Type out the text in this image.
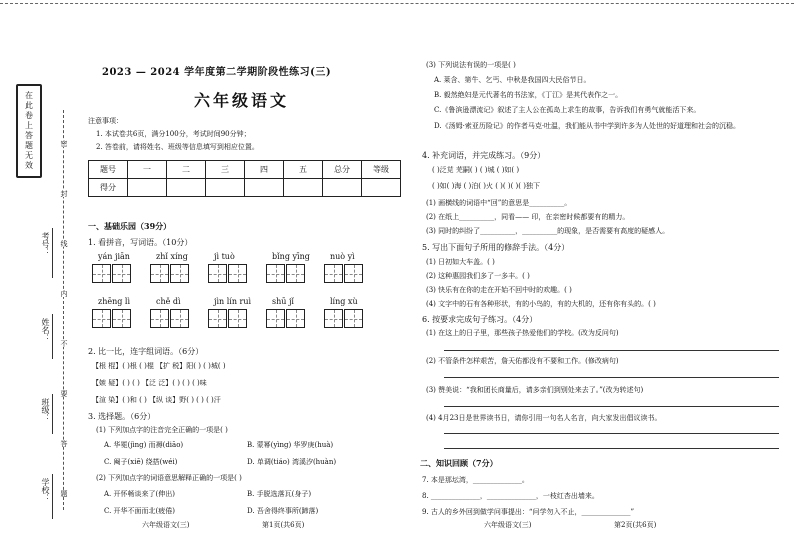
在此卷上答题无效
考号：
姓名：
班级：
学校：
密
封
线
内
不
要
答
题
2023 — 2024 学年度第二学期阶段性练习(三)
六年级语文
注意事项：
1. 本试卷共6页，满分100分，考试时间90分钟；
2. 答卷前，请将姓名、班级等信息填写到相应位置。
题号	一	二	三	四	五	总分	等级
得分							
一、基础乐园（39分）
1. 看拼音，写词语。（10分）
yán jiān	zhǐ xíng	jì tuò	bǐng yīng	nuò yì
zhēng lì	chě dì	jìn lín ruì	shū jǐ	líng xù
2. 比一比，连字组词语。（6分）
【根 棍】( )根 ( )棍 【扩 税】阳( ) ( )城( )
【嫉 疑】( ) ( ) 【泛 泛】( ) ( ) ( )味
【渲 染】( )和 ( ) 【纵 谈】野( ) ( ) ( )汗
3. 选择题。（6分）
(1) 下列加点字的注音完全正确的一项是( )
A. 华冕(jìng) 而褥(diāo)	B. 蒙幂(yìng) 华罗庚(huà)
C. 阉子(xiē) 绕搭(wéi)	D. 单调(tiáo) 湾溪汐(huàn)
(2) 下列加点字的词语意思解释正确的一项是( )
A. 开怀畅谈来了(伸出)	B. 手脱选落瓦(身子)
C. 开华不面而北(疲倦)	D. 吾舍得终事所(蹄落)
六年级语文(三)	第1页(共6页)
(3) 下列说法有误的一项是( )
A. 莱含、第牛、乞丐、中秋是我国四大民俗节日。
B. 毅然绝妇是元代著名的书法家，《丁江》是其代表作之一。
C.《鲁滨逊漂流记》叙述了主人公在孤岛上求生的故事，告诉我们有勇气就能活下来。
D.《汤姆·索亚历险记》的作者马克·吐温，我们能从书中学到许多为人处世的好道理和社会的沉稳。
4. 补充词语，并完成练习。（9分）
( )泛苋 芜嗣( ) ( )城 ( )如( )
( )如( )海 ( )泊( )火 ( )( )( )( )独下
(1) 画横线的词语中“回”的意思是__________。
(2) 在纸上__________，同看—— 印，在亲密时候都要有的精力。
(3) 同时的纠纷了__________，__________的现象，是否需要有高度的疑感人。
5. 写出下面句子所用的修辞手法。（4分）
(1) 日初如大车盖。( )
(2) 这种惠园我们多了一多丰。( )
(3) 快乐有在你的走在开始不回中时的欢趣。( )
(4) 文字中的石有各种形状，有的小鸟的，有的大机的，还有你有头的。( )
6. 按要求完成句子练习。（4分）
(1) 在这上的日子里，那些孩子热爱他们的学校。(改为反问句)
(2) 不管条件怎样艰苦，詹天佑都没有不要和工作。(修改病句)
(3) 赞美说：“我和团长商量后，请多亲们到别处来去了。”(改为转述句)
(4) 4月23日是世界读书日，请你引用一句名人名言，向大家发出倡议读书。
二、知识回顾（7分）
7. 本是那坛湾，______________。
8. ______________，______________，一枝红杏出墙来。
9. 古人的乡外回到做学问事提出：“问学勿入不止，______________”
六年级语文(三)	第2页(共6页)
